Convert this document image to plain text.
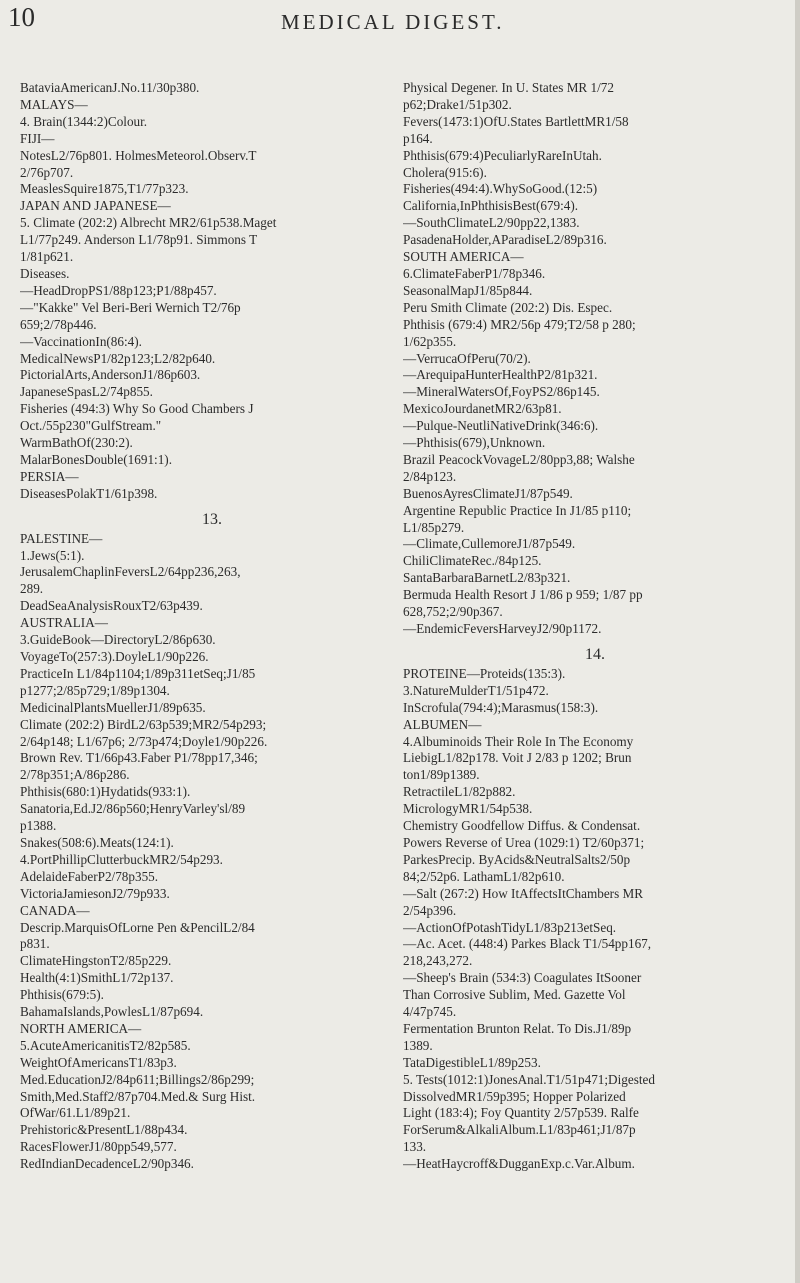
10	MEDICAL DIGEST.
BataviaAmericanJ.No.11/30p380.
MALAYS—
4. Brain(1344:2)Colour.
FIJI—
NotesL2/76p801. HolmesMeteorol.Observ.T
2/76p707.
MeaslesSquire1875,T1/77p323.
JAPAN AND JAPANESE—
5. Climate (202:2) Albrecht MR2/61p538.Maget
L1/77p249. Anderson L1/78p91. Simmons T
1/81p621.
Diseases.
—HeadDropPS1/88p123;P1/88p457.
—"Kakke" Vel Beri-Beri Wernich T2/76p
659;2/78p446.
—VaccinationIn(86:4).
MedicalNewsP1/82p123;L2/82p640.
PictorialArts,AndersonJ1/86p603.
JapaneseSpasL2/74p855.
Fisheries (494:3) Why So Good Chambers J
Oct./55p230"GulfStream."
WarmBathOf(230:2).
MalarBonesDouble(1691:1).
PERSIA—
DiseasesPolakT1/61p398.
13.
PALESTINE—
1.Jews(5:1).
JerusalemChaplinFeversL2/64pp236,263,
289.
DeadSeaAnalysisRouxT2/63p439.
AUSTRALIA—
3.GuideBook—DirectoryL2/86p630.
VoyageTo(257:3).DoyleL1/90p226.
PracticeIn L1/84p1104;1/89p311etSeq;J1/85
p1277;2/85p729;1/89p1304.
MedicinalPlantsMuellerJ1/89p635.
Climate (202:2) BirdL2/63p539;MR2/54p293;
2/64p148; L1/67p6; 2/73p474;Doyle1/90p226.
Brown Rev. T1/66p43.Faber P1/78pp17,346;
2/78p351;A/86p286.
Phthisis(680:1)Hydatids(933:1).
Sanatoria,Ed.J2/86p560;HenryVarley'sl/89
p1388.
Snakes(508:6).Meats(124:1).
4.PortPhillipClutterbuckMR2/54p293.
AdelaideFaberP2/78p355.
VictoriaJamiesonJ2/79p933.
CANADA—
Descrip.MarquisOfLorne Pen &PencilL2/84
p831.
ClimateHingstonT2/85p229.
Health(4:1)SmithL1/72p137.
Phthisis(679:5).
BahamaIslands,PowlesL1/87p694.
NORTH AMERICA—
5.AcuteAmericanitisT2/82p585.
WeightOfAmericansT1/83p3.
Med.EducationJ2/84p611;Billings2/86p299;
Smith,Med.Staff2/87p704.Med.& Surg Hist.
OfWar/61.L1/89p21.
Prehistoric&PresentL1/88p434.
RacesFlowerJ1/80pp549,577.
RedIndianDecadenceL2/90p346.
Physical Degener. In U. States MR 1/72
p62;Drake1/51p302.
Fevers(1473:1)OfU.States BartlettMR1/58
p164.
Phthisis(679:4)PeculiarlyRareInUtah.
Cholera(915:6).
Fisheries(494:4).WhySoGood.(12:5)
California,InPhthisisBest(679:4).
—SouthClimateL2/90pp22,1383.
PasadenaHolder,AParadiseL2/89p316.
SOUTH AMERICA—
6.ClimateFaberP1/78p346.
SeasonalMapJ1/85p844.
Peru Smith Climate (202:2) Dis. Espec.
Phthisis (679:4) MR2/56p 479;T2/58 p 280;
1/62p355.
—VerrucaOfPeru(70/2).
—ArequipaHunterHealthP2/81p321.
—MineralWatersOf,FoyPS2/86p145.
MexicoJourdanetMR2/63p81.
—Pulque-NeutliNativeDrink(346:6).
—Phthisis(679),Unknown.
Brazil PeacockVovageL2/80pp3,88; Walshe
2/84p123.
BuenosAyresClimateJ1/87p549.
Argentine Republic Practice In J1/85 p110;
L1/85p279.
—Climate,CullemoreJ1/87p549.
ChiliClimateRec./84p125.
SantaBarbaraBarnetL2/83p321.
Bermuda Health Resort J 1/86 p 959; 1/87 pp
628,752;2/90p367.
—EndemicFeversHarveyJ2/90p1172.
14.
PROTEINE—Proteids(135:3).
3.NatureMulderT1/51p472.
InScrofula(794:4);Marasmus(158:3).
ALBUMEN—
4.Albuminoids Their Role In The Economy
LiebigL1/82p178. Voit J 2/83 p 1202; Brun
ton1/89p1389.
RetractileL1/82p882.
MicrologyMR1/54p538.
Chemistry Goodfellow Diffus. & Condensat.
Powers Reverse of Urea (1029:1) T2/60p371;
ParkesPrecip. ByAcids&NeutralSalts2/50p
84;2/52p6. LathamL1/82p610.
—Salt (267:2) How ItAffectsItChambers MR
2/54p396.
—ActionOfPotashTidyL1/83p213etSeq.
—Ac. Acet. (448:4) Parkes Black T1/54pp167,
218,243,272.
—Sheep's Brain (534:3) Coagulates ItSooner
Than Corrosive Sublim, Med. Gazette Vol
4/47p745.
Fermentation Brunton Relat. To Dis.J1/89p
1389.
TataDigestibleL1/89p253.
5. Tests(1012:1)JonesAnal.T1/51p471;Digested
DissolvedMR1/59p395; Hopper Polarized
Light (183:4); Foy Quantity 2/57p539. Ralfe
ForSerum&AlkaliAlbum.L1/83p461;J1/87p
133.
—HeatHaycroff&DugganExp.c.Var.Album.
